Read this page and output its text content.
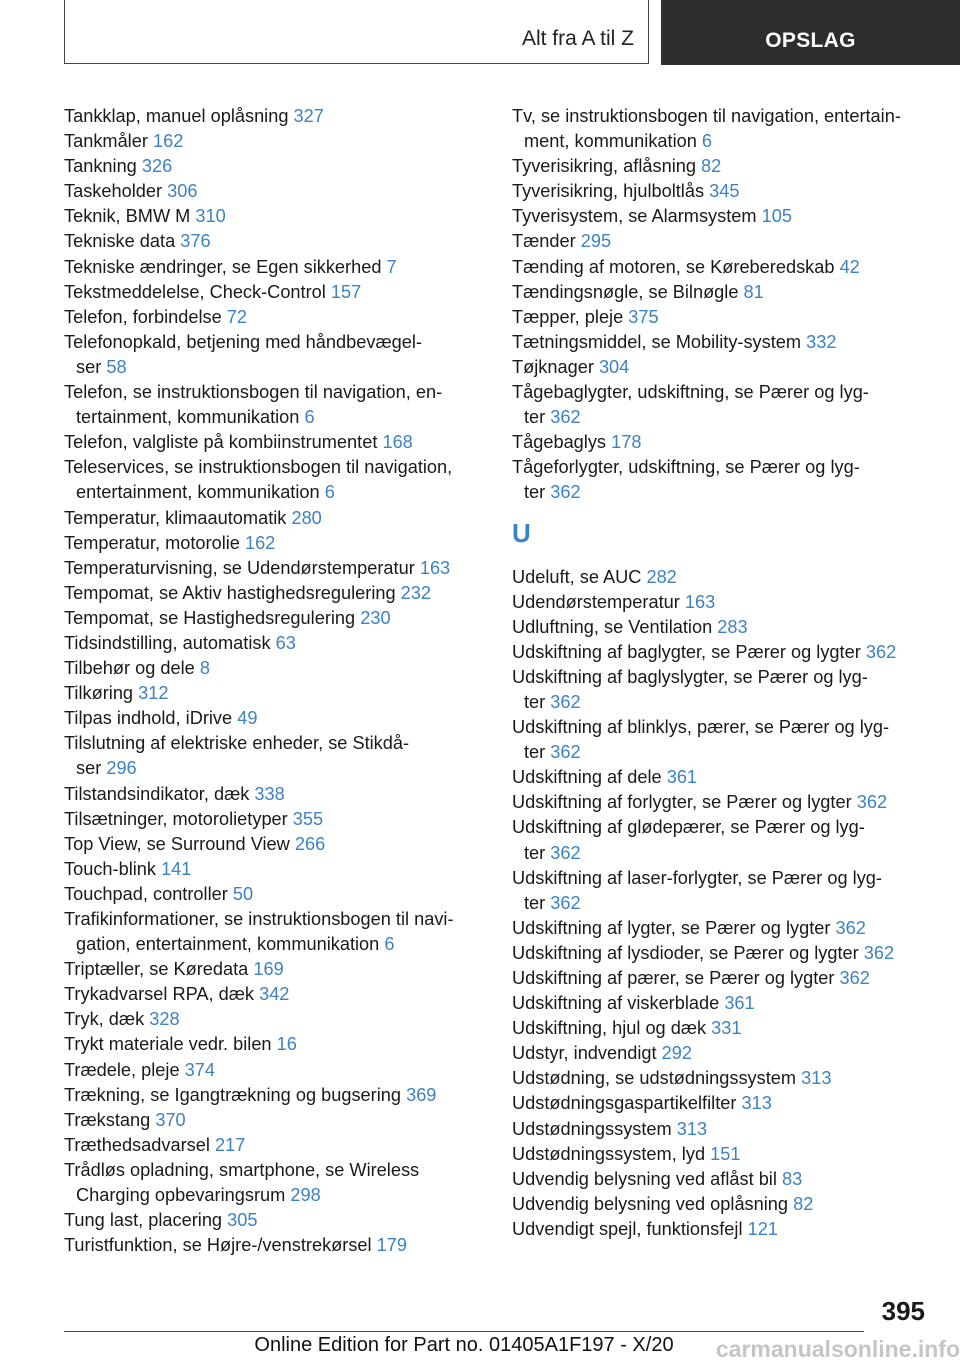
Alt fra A til Z	OPSLAG
Tankklap, manuel oplåsning 327
Tankmåler 162
Tankning 326
Taskeholder 306
Teknik, BMW M 310
Tekniske data 376
Tekniske ændringer, se Egen sikkerhed 7
Tekstmeddelelse, Check-Control 157
Telefon, forbindelse 72
Telefonopkald, betjening med håndbevægel-
ser 58
Telefon, se instruktionsbogen til navigation, en-
tertainment, kommunikation 6
Telefon, valgliste på kombiinstrumentet 168
Teleservices, se instruktionsbogen til navigation,
entertainment, kommunikation 6
Temperatur, klimaautomatik 280
Temperatur, motorolie 162
Temperaturvisning, se Udendørstemperatur 163
Tempomat, se Aktiv hastighedsregulering 232
Tempomat, se Hastighedsregulering 230
Tidsindstilling, automatisk 63
Tilbehør og dele 8
Tilkøring 312
Tilpas indhold, iDrive 49
Tilslutning af elektriske enheder, se Stikdå-
ser 296
Tilstandsindikator, dæk 338
Tilsætninger, motorolietyper 355
Top View, se Surround View 266
Touch-blink 141
Touchpad, controller 50
Trafikinformationer, se instruktionsbogen til navi-
gation, entertainment, kommunikation 6
Triptæller, se Køredata 169
Trykadvarsel RPA, dæk 342
Tryk, dæk 328
Trykt materiale vedr. bilen 16
Trædele, pleje 374
Trækning, se Igangtrækning og bugsering 369
Trækstang 370
Træthedsadvarsel 217
Trådløs opladning, smartphone, se Wireless
Charging opbevaringsrum 298
Tung last, placering 305
Turistfunktion, se Højre-/venstrekørsel 179
Tv, se instruktionsbogen til navigation, entertain-
ment, kommunikation 6
Tyverisikring, aflåsning 82
Tyverisikring, hjulboltlås 345
Tyverisystem, se Alarmsystem 105
Tænder 295
Tænding af motoren, se Køreberedskab 42
Tændingsnøgle, se Bilnøgle 81
Tæpper, pleje 375
Tætningsmiddel, se Mobility-system 332
Tøjknager 304
Tågebaglygter, udskiftning, se Pærer og lyg-
ter 362
Tågebaglys 178
Tågeforlygter, udskiftning, se Pærer og lyg-
ter 362
U
Udeluft, se AUC 282
Udendørstemperatur 163
Udluftning, se Ventilation 283
Udskiftning af baglygter, se Pærer og lygter 362
Udskiftning af baglyslygter, se Pærer og lyg-
ter 362
Udskiftning af blinklys, pærer, se Pærer og lyg-
ter 362
Udskiftning af dele 361
Udskiftning af forlygter, se Pærer og lygter 362
Udskiftning af glødepærer, se Pærer og lyg-
ter 362
Udskiftning af laser-forlygter, se Pærer og lyg-
ter 362
Udskiftning af lygter, se Pærer og lygter 362
Udskiftning af lysdioder, se Pærer og lygter 362
Udskiftning af pærer, se Pærer og lygter 362
Udskiftning af viskerblade 361
Udskiftning, hjul og dæk 331
Udstyr, indvendigt 292
Udstødning, se udstødningssystem 313
Udstødningsgaspartikelfilter 313
Udstødningssystem 313
Udstødningssystem, lyd 151
Udvendig belysning ved aflåst bil 83
Udvendig belysning ved oplåsning 82
Udvendigt spejl, funktionsfejl 121
395
Online Edition for Part no. 01405A1F197 - X/20	carmanualsonline.info
